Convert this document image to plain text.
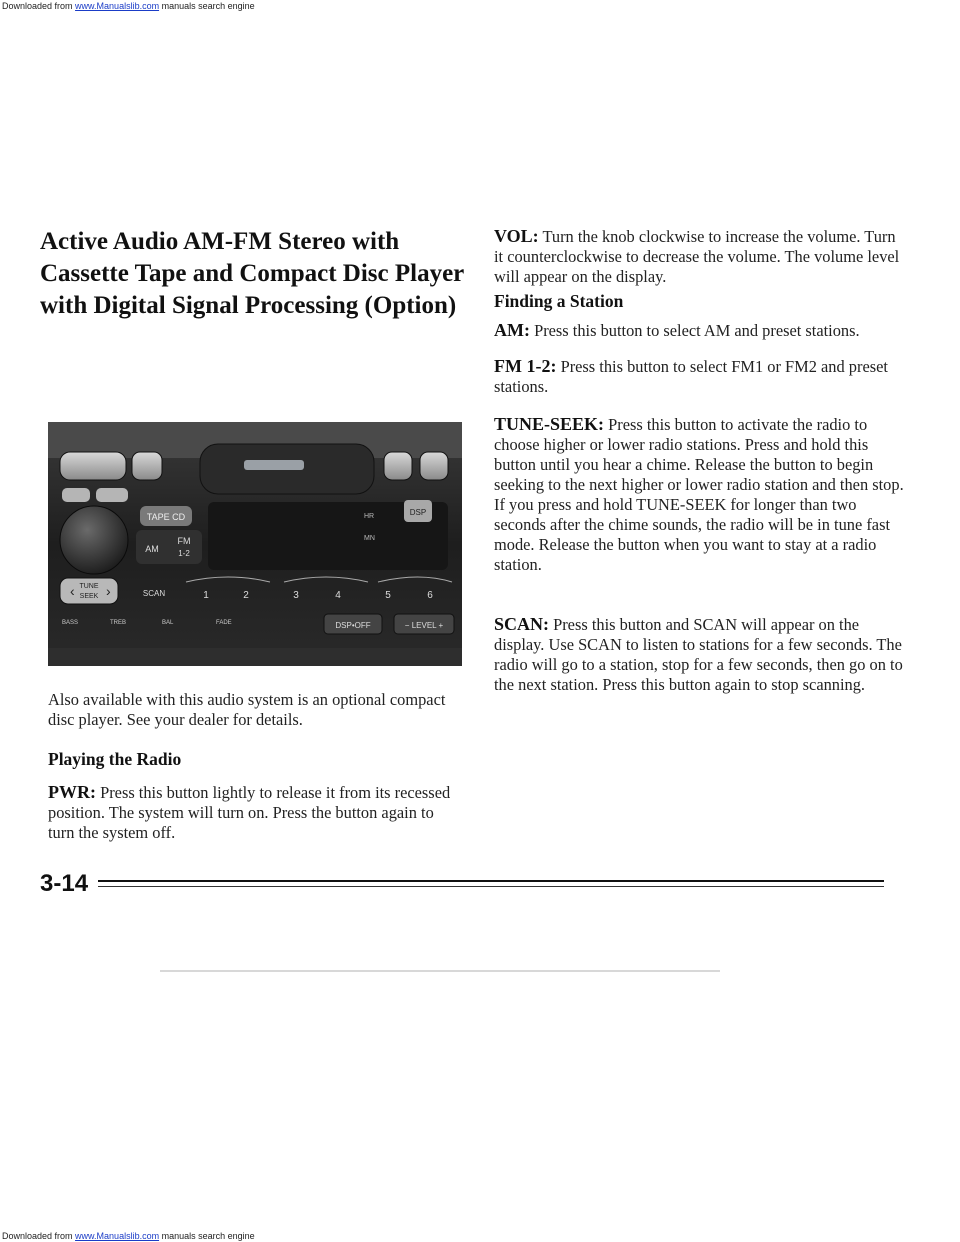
Downloaded from www.Manualslib.com manuals search engine
Active Audio AM-FM Stereo with Cassette Tape and Compact Disc Player with Digital Signal Processing (Option)
TAPE CD
AM
FM
1-2
HR
MN
DSP
‹ TUNE
SEEK ›	SCAN	1	2	3	4	5	6
BASS	TREB	BAL	FADE	DSP•OFF	− LEVEL +
Also available with this audio system is an optional compact disc player. See your dealer for details.
Playing the Radio
PWR: Press this button lightly to release it from its recessed position. The system will turn on. Press the button again to turn the system off.
VOL: Turn the knob clockwise to increase the volume. Turn it counterclockwise to decrease the volume. The volume level will appear on the display.
Finding a Station
AM: Press this button to select AM and preset stations.
FM 1-2: Press this button to select FM1 or FM2 and preset stations.
TUNE-SEEK: Press this button to activate the radio to choose higher or lower radio stations. Press and hold this button until you hear a chime. Release the button to begin seeking to the next higher or lower radio station and then stop. If you press and hold TUNE-SEEK for longer than two seconds after the chime sounds, the radio will be in tune fast mode. Release the button when you want to stay at a radio station.
SCAN: Press this button and SCAN will appear on the display. Use SCAN to listen to stations for a few seconds. The radio will go to a station, stop for a few seconds, then go on to the next station. Press this button again to stop scanning.
3-14
Downloaded from www.Manualslib.com manuals search engine
